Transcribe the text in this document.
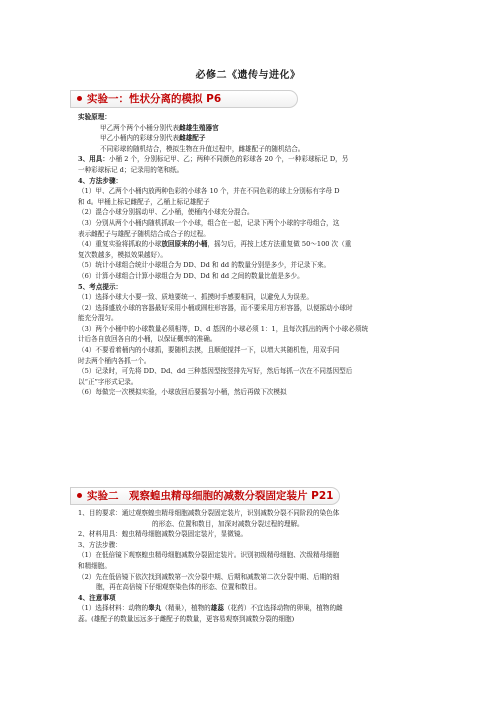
必修二《遗传与进化》
实验一：性状分离的模拟 P6

实验原理：

甲乙两个两个小桶分别代表雌雄生殖器官

甲乙小桶内的彩球分别代表雌雄配子

不同彩球的随机结合，模拟生物在升值过程中，雌雄配子的随机结合。

3、用具：小桶 2 个，分别标记甲、乙；两种不同颜色的彩球各 20 个，一种彩球标记 D，另

一种彩球标记 d；记录用的笔和纸。

4、方法步骤：

（1）甲、乙两个小桶内放两种色彩的小球各 10 个，并在不同色彩的球上分别标有字母 D

和 d。甲桶上标记雌配子，乙桶上标记雄配子

（2）混合小球分别摇动甲、乙小桶，使桶内小球充分混合。

（3）分别从两个小桶内随机抓取一个小球，组合在一起，记录下两个小球的字母组合，这

表示雌配子与雄配子随机结合成合子的过程。

（4）重复实验将抓取的小球放回原来的小桶，摇匀后，再按上述方法重复做 50～100 次（重

复次数越多，模拟效果越好）。

（5）统计小球组合统计小球组合为 DD、Dd 和 dd 的数量分别是多少，并记录下来。

（6）计算小球组合计算小球组合为 DD、Dd 和 dd 之间的数量比值是多少。

5、考点提示：

（1）选择小球大小要一致、质地要统一、抓摸时手感要相同，以避免人为误差。

（2）选择盛放小球的容器最好采用小桶或圆柱形容器，而不要采用方形容器，以便摇动小球时

能充分混匀。

（3）两个小桶中的小球数量必须相等，D、d 基因的小球必须 1：1，且每次抓出的两个小球必须统

计后各自放回各自的小桶，以保证概率的准确。

（4）不要看着桶内的小球抓，要随机去摸，且顺便搅拌一下，以增大其随机性，用双手同

时去两个桶内各抓一个。

（5）记录时，可先将 DD、Dd、dd 三种基因型按竖排先写好，然后每抓一次在不同基因型后

以“正”字形式记录。

（6）每做完一次模拟实验，小球放回后要摇匀小桶，然后再做下次模拟

实验二　观察蝗虫精母细胞的减数分裂固定装片 P21

1、目的要求：通过观察蝗虫精母细胞减数分裂固定装片，识别减数分裂不同阶段的染色体

的形态、位置和数目，加深对减数分裂过程的理解。

2、材料用具：蝗虫精母细胞减数分裂固定装片，显微镜。

3、方法步骤：

（1）在低倍镜下观察蝗虫精母细胞减数分裂固定装片。识别初级精母细胞、次级精母细胞

和精细胞。

（2）先在低倍镜下依次找到减数第一次分裂中期、后期和减数第二次分裂中期、后期的细

胞，再在高倍镜下仔细观察染色体的形态、位置和数目。

4、注意事项

（1）选择材料：动物的睾丸（精巢），植物的雄蕊（花药）不宜选择动物的卵巢，植物的雌

蕊。(雄配子的数量远远多于雌配子的数量，更容易观察到减数分裂的细胞)
